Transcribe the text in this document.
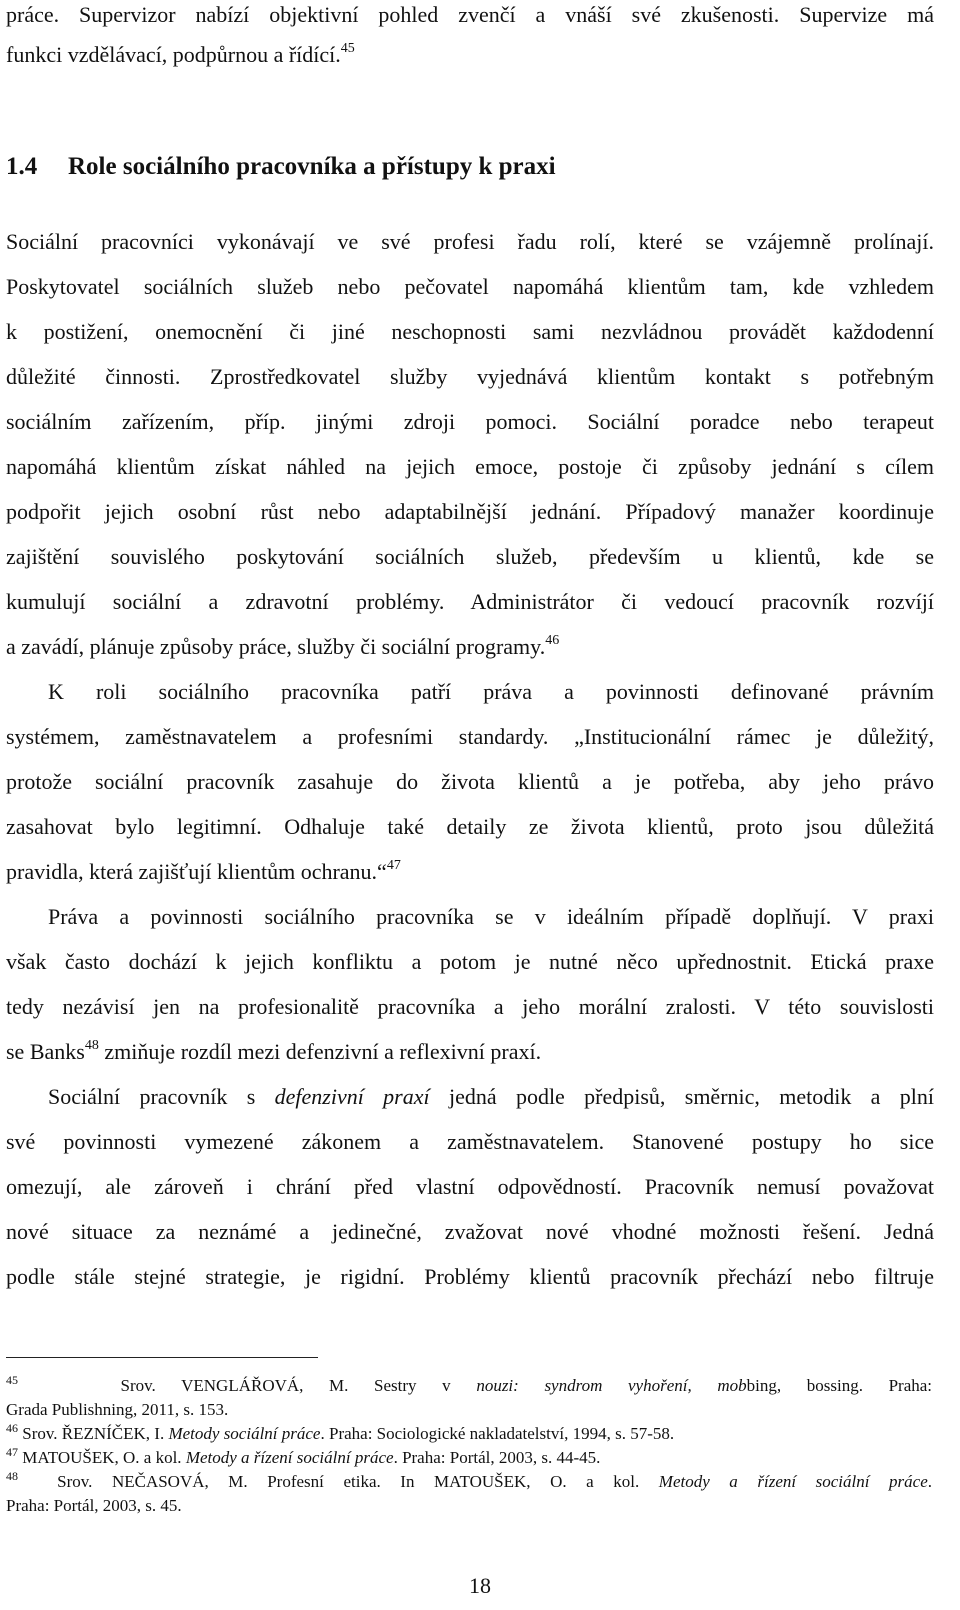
práce. Supervizor nabízí objektivní pohled zvenčí a vnáší své zkušenosti. Supervize má
funkci vzdělávací, podpůrnou a řídící.$^{45}$
1.4 Role sociálního pracovníka a přístupy k praxi
Sociální pracovníci vykonávají ve své profesi řadu rolí, které se vzájemně prolínají.
Poskytovatel sociálních služeb nebo pečovatel napomáhá klientům tam, kde vzhledem
k postižení, onemocnění či jiné neschopnosti sami nezvládnou provádět každodenní
důležité činnosti. Zprostředkovatel služby vyjednává klientům kontakt s potřebným
sociálním zařízením, příp. jinými zdroji pomoci. Sociální poradce nebo terapeut
napomáhá klientům získat náhled na jejich emoce, postoje či způsoby jednání s cílem
podpořit jejich osobní růst nebo adaptabilnější jednání. Případový manažer koordinuje
zajištění souvislého poskytování sociálních služeb, především u klientů, kde se
kumulují sociální a zdravotní problémy. Administrátor či vedoucí pracovník rozvíjí
a zavádí, plánuje způsoby práce, služby či sociální programy.$^{46}$
K roli sociálního pracovníka patří práva a povinnosti definované právním
systémem, zaměstnavatelem a profesními standardy. „Institucionální rámec je důležitý,
protože sociální pracovník zasahuje do života klientů a je potřeba, aby jeho právo
zasahovat bylo legitimní. Odhaluje také detaily ze života klientů, proto jsou důležitá
pravidla, která zajišťují klientům ochranu.“$^{47}$
Práva a povinnosti sociálního pracovníka se v ideálním případě doplňují. V praxi
však často dochází k jejich konfliktu a potom je nutné něco upřednostnit. Etická praxe
tedy nezávisí jen na profesionalitě pracovníka a jeho morální zralosti. V této souvislosti
se Banks$^{48}$ zmiňuje rozdíl mezi defenzivní a reflexivní praxí.
Sociální pracovník s defenzivní praxí jedná podle předpisů, směrnic, metodik a plní
své povinnosti vymezené zákonem a zaměstnavatelem. Stanovené postupy ho sice
omezují, ale zároveň i chrání před vlastní odpovědností. Pracovník nemusí považovat
nové situace za neznámé a jedinečné, zvažovat nové vhodné možnosti řešení. Jedná
podle stále stejné strategie, je rigidní. Problémy klientů pracovník přechází nebo filtruje
$^{45}$	Srov. VENGLÁŘOVÁ, M. Sestry v nouzi: syndrom vyhoření, mobbing, bossing. Praha:
Grada Publishning, 2011, s. 153.
$^{46}$ Srov. ŘEZNÍČEK, I. Metody sociální práce. Praha: Sociologické nakladatelství, 1994, s. 57-58.
$^{47}$ MATOUŠEK, O. a kol. Metody a řízení sociální práce. Praha: Portál, 2003, s. 44-45.
$^{48}$ Srov. NEČASOVÁ, M. Profesní etika. In MATOUŠEK, O. a kol. Metody a řízení sociální práce.
Praha: Portál, 2003, s. 45.
18
